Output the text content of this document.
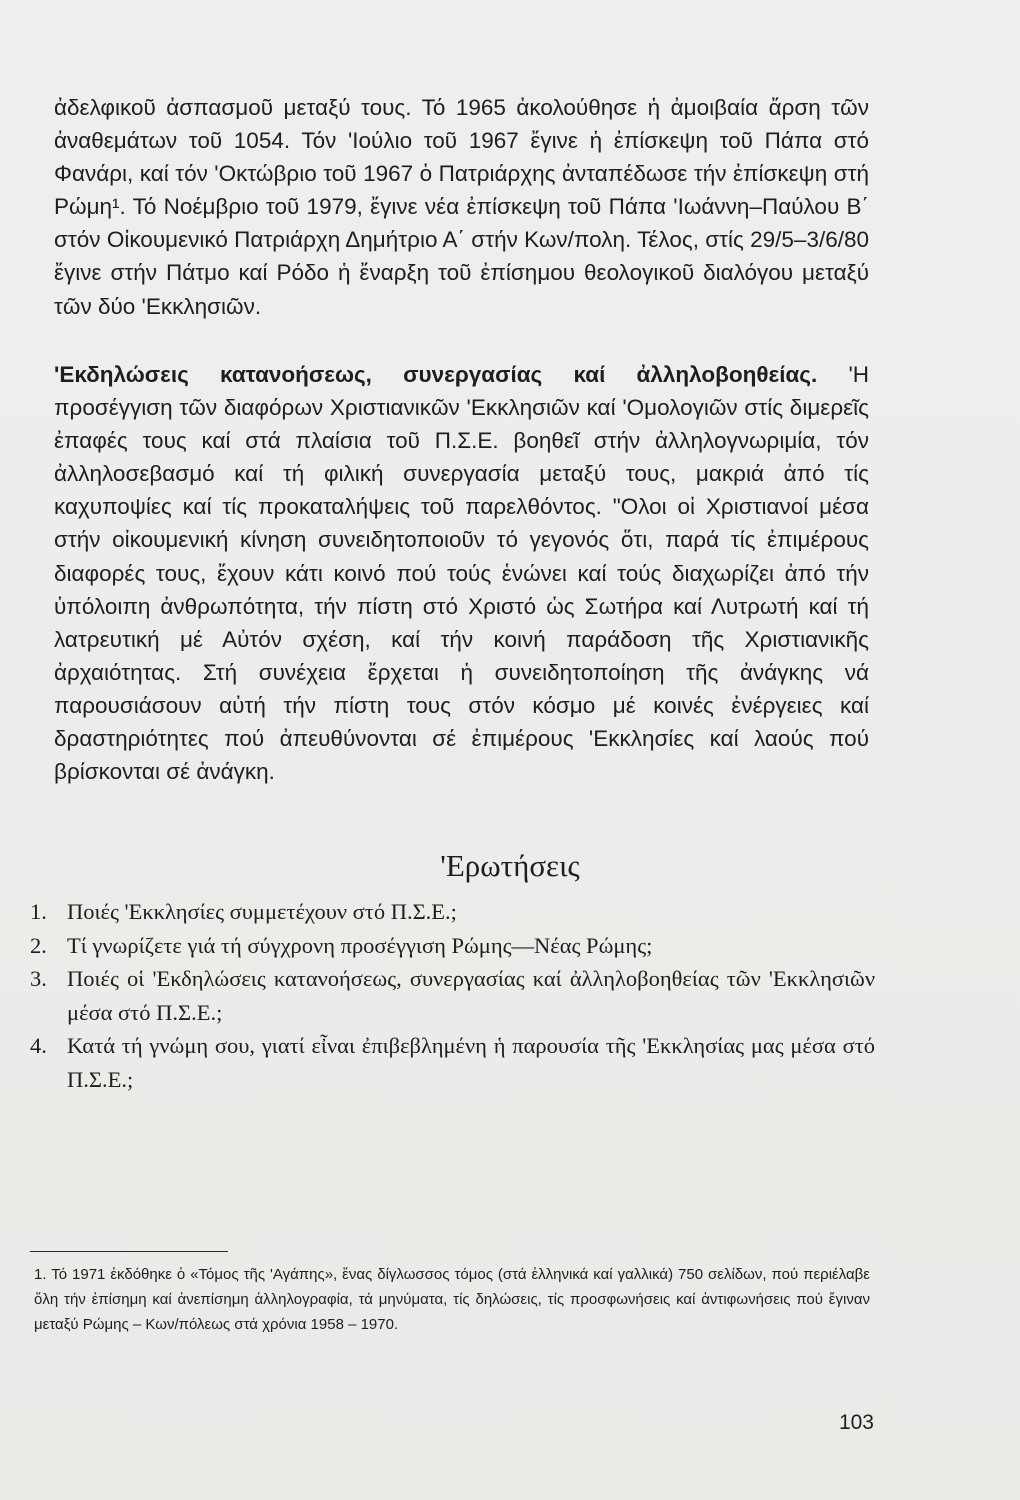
ἀδελφικοῦ ἀσπασμοῦ μεταξύ τους. Τό 1965 ἀκολούθησε ἡ ἀμοιβαία ἄρση τῶν ἀναθεμάτων τοῦ 1054. Τόν 'Ιούλιο τοῦ 1967 ἔγινε ἡ ἐπίσκεψη τοῦ Πάπα στό Φανάρι, καί τόν 'Οκτώβριο τοῦ 1967 ὁ Πατριάρχης ἀνταπέδωσε τήν ἐπίσκεψη στή Ρώμη¹. Τό Νοέμβριο τοῦ 1979, ἔγινε νέα ἐπίσκεψη τοῦ Πάπα 'Ιωάννη–Παύλου Β΄ στόν Οἰκουμενικό Πατριάρχη Δημήτριο Α΄ στήν Κων/πολη. Τέλος, στίς 29/5–3/6/80 ἔγινε στήν Πάτμο καί Ρόδο ἡ ἔναρξη τοῦ ἐπίσημου θεολογικοῦ διαλόγου μεταξύ τῶν δύο 'Εκκλησιῶν.

'Εκδηλώσεις κατανοήσεως, συνεργασίας καί ἀλληλοβοηθείας. 'Η προσέγγιση τῶν διαφόρων Χριστιανικῶν 'Εκκλησιῶν καί 'Ομολογιῶν στίς διμερεῖς ἐπαφές τους καί στά πλαίσια τοῦ Π.Σ.Ε. βοηθεῖ στήν ἀλληλογνωριμία, τόν ἀλληλοσεβασμό καί τή φιλική συνεργασία μεταξύ τους, μακριά ἀπό τίς καχυποψίες καί τίς προκαταλήψεις τοῦ παρελθόντος. "Ολοι οἱ Χριστιανοί μέσα στήν οἰκουμενική κίνηση συνειδητοποιοῦν τό γεγονός ὅτι, παρά τίς ἐπιμέρους διαφορές τους, ἔχουν κάτι κοινό πού τούς ἑνώνει καί τούς διαχωρίζει ἀπό τήν ὑπόλοιπη ἀνθρωπότητα, τήν πίστη στό Χριστό ὡς Σωτήρα καί Λυτρωτή καί τή λατρευτική μέ Αὐτόν σχέση, καί τήν κοινή παράδοση τῆς Χριστιανικῆς ἀρχαιότητας. Στή συνέχεια ἔρχεται ἡ συνειδητοποίηση τῆς ἀνάγκης νά παρουσιάσουν αὐτή τήν πίστη τους στόν κόσμο μέ κοινές ἐνέργειες καί δραστηριότητες πού ἀπευθύνονται σέ ἐπιμέρους 'Εκκλησίες καί λαούς πού βρίσκονται σέ ἀνάγκη.

'Ερωτήσεις
1. Ποιές 'Εκκλησίες συμμετέχουν στό Π.Σ.Ε.;
2. Τί γνωρίζετε γιά τή σύγχρονη προσέγγιση Ρώμης—Νέας Ρώμης;
3. Ποιές οἱ 'Εκδηλώσεις κατανοήσεως, συνεργασίας καί ἀλληλοβοηθείας τῶν 'Εκκλησιῶν μέσα στό Π.Σ.Ε.;
4. Κατά τή γνώμη σου, γιατί εἶναι ἐπιβεβλημένη ἡ παρουσία τῆς 'Εκκλησίας μας μέσα στό Π.Σ.Ε.;

1. Τό 1971 ἐκδόθηκε ὁ «Τόμος τῆς 'Αγάπης», ἕνας δίγλωσσος τόμος (στά ἑλληνικά καί γαλλικά) 750 σελίδων, πού περιέλαβε ὅλη τήν ἐπίσημη καί ἀνεπίσημη ἀλληλογραφία, τά μηνύματα, τίς δηλώσεις, τίς προσφωνήσεις καί ἀντιφωνήσεις πού ἔγιναν μεταξύ Ρώμης – Κων/πόλεως στά χρόνια 1958 – 1970.

103
